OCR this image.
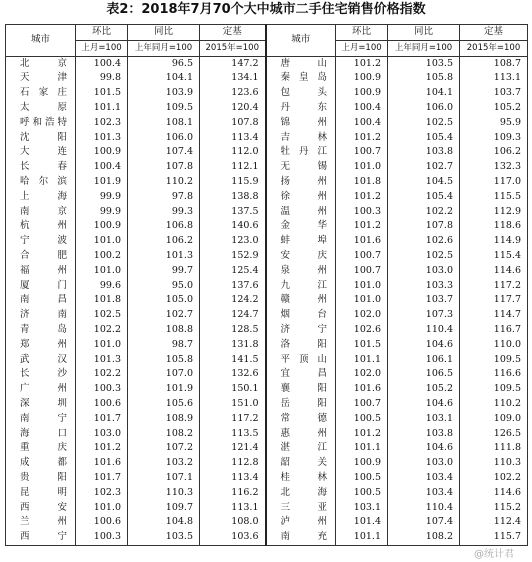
表2：2018年7月70个大中城市二手住宅销售价格指数
城市	环比	同比	定基	城市	环比	同比	定基
	上月=100	上年同月=100	2015年=100		上月=100	上年同月=100	2015年=100
北京	100.4	96.5	147.2	唐山	101.2	103.5	108.7
天津	99.8	104.1	134.1	秦皇岛	100.9	105.8	113.1
石家庄	101.5	103.9	123.6	包头	100.9	104.1	103.7
太原	101.1	109.5	120.4	丹东	100.4	106.0	105.2
呼和浩特	102.3	108.1	107.8	锦州	100.4	102.5	95.9
沈阳	101.3	106.0	113.4	吉林	101.2	105.4	109.3
大连	100.9	107.4	112.0	牡丹江	100.7	103.8	106.2
长春	100.4	107.8	112.1	无锡	101.0	102.7	132.3
哈尔滨	101.9	110.2	115.9	扬州	101.8	104.5	117.0
上海	99.9	97.8	138.8	徐州	101.2	105.4	115.5
南京	99.9	99.3	137.5	温州	100.3	102.2	112.9
杭州	100.9	106.8	140.6	金华	101.2	107.8	118.6
宁波	101.0	106.2	123.0	蚌埠	101.6	102.6	114.9
合肥	100.2	101.3	152.9	安庆	100.7	102.5	115.4
福州	101.0	99.7	125.4	泉州	100.7	103.0	114.6
厦门	99.6	95.0	137.6	九江	101.0	103.3	117.2
南昌	101.8	105.0	124.2	赣州	101.0	103.7	117.7
济南	102.5	102.7	124.7	烟台	102.0	107.3	114.7
青岛	102.2	108.8	128.5	济宁	102.6	110.4	116.7
郑州	101.0	98.7	131.8	洛阳	101.5	104.6	110.0
武汉	101.3	105.8	141.5	平顶山	101.1	106.1	109.5
长沙	102.2	107.0	132.6	宜昌	102.0	106.5	116.6
广州	100.3	101.9	150.1	襄阳	101.6	105.2	109.5
深圳	100.6	105.6	151.0	岳阳	100.7	104.6	110.2
南宁	101.7	108.9	117.2	常德	100.5	103.1	109.0
海口	103.0	108.2	113.5	惠州	101.2	103.8	126.5
重庆	101.2	107.2	121.4	湛江	101.1	104.6	111.8
成都	101.6	103.2	112.8	韶关	100.9	103.0	110.3
贵阳	101.7	107.1	113.4	桂林	100.5	103.4	102.2
昆明	102.3	110.3	116.2	北海	100.5	103.4	114.6
西安	101.0	109.7	113.1	三亚	103.1	110.4	115.2
兰州	100.6	104.8	108.0	泸州	101.4	107.4	112.4
西宁	100.3	103.5	103.6	南充	101.1	108.2	115.7
@统计君
